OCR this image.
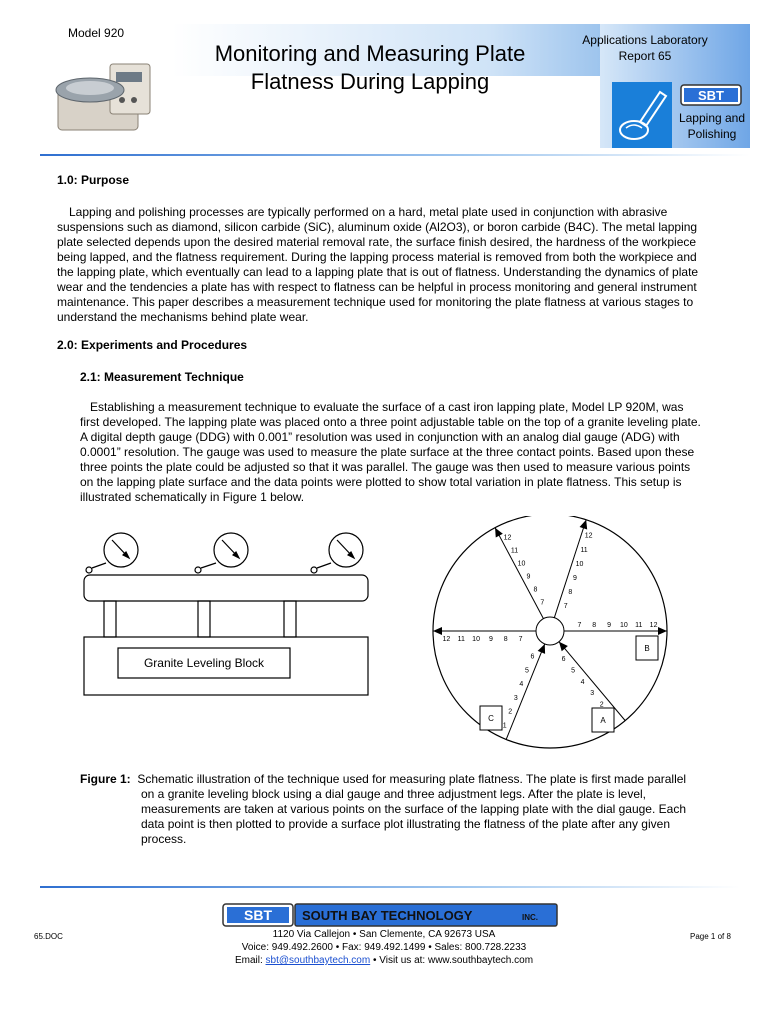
Model 920
Monitoring and Measuring Plate
Flatness During Lapping
Applications Laboratory
Report 65
SBT
Lapping and
Polishing
1.0: Purpose
Lapping and polishing processes are typically performed on a hard, metal plate used in conjunction with abrasive
suspensions such as diamond, silicon carbide (SiC), aluminum oxide (Al2O3), or boron carbide (B4C). The metal lapping
plate selected depends upon the desired material removal rate, the surface finish desired, the hardness of the workpiece
being lapped, and the flatness requirement. During the lapping process material is removed from both the workpiece and
the lapping plate, which eventually can lead to a lapping plate that is out of flatness. Understanding the dynamics of plate
wear and the tendencies a plate has with respect to flatness can be helpful in process monitoring and general instrument
maintenance. This paper describes a measurement technique used for monitoring the plate flatness at various stages to
understand the mechanisms behind plate wear.
2.0: Experiments and Procedures
2.1: Measurement Technique
Establishing a measurement technique to evaluate the surface of a cast iron lapping plate, Model LP 920M, was
first developed. The lapping plate was placed onto a three point adjustable table on the top of a granite leveling plate.
A digital depth gauge (DDG) with 0.001” resolution was used in conjunction with an analog dial gauge (ADG) with
0.0001” resolution. The gauge was used to measure the plate surface at the three contact points. Based upon these
three points the plate could be adjusted so that it was parallel. The gauge was then used to measure various points
on the lapping plate surface and the data points were plotted to show total variation in plate flatness. This setup is
illustrated schematically in Figure 1 below.
Granite Leveling Block
7 8 9 10 11 12
7
8
9
10
11
12
7
8
9
10
11
12
7
8
9
10
11
12
6
5
4
3
2
1
6
5
4
3
2
A
B
C
Figure 1: Schematic illustration of the technique used for measuring plate flatness. The plate is first made parallel
on a granite leveling block using a dial gauge and three adjustment legs. After the plate is level,
measurements are taken at various points on the surface of the lapping plate with the dial gauge. Each
data point is then plotted to provide a surface plot illustrating the flatness of the plate after any given
process.
SBT SOUTH BAY TECHNOLOGY	INC.
65.DOC	Page 1 of 8
1120 Via Callejon • San Clemente, CA 92673 USA
Voice: 949.492.2600 • Fax: 949.492.1499 • Sales: 800.728.2233
Email: sbt@southbaytech.com • Visit us at: www.southbaytech.com
